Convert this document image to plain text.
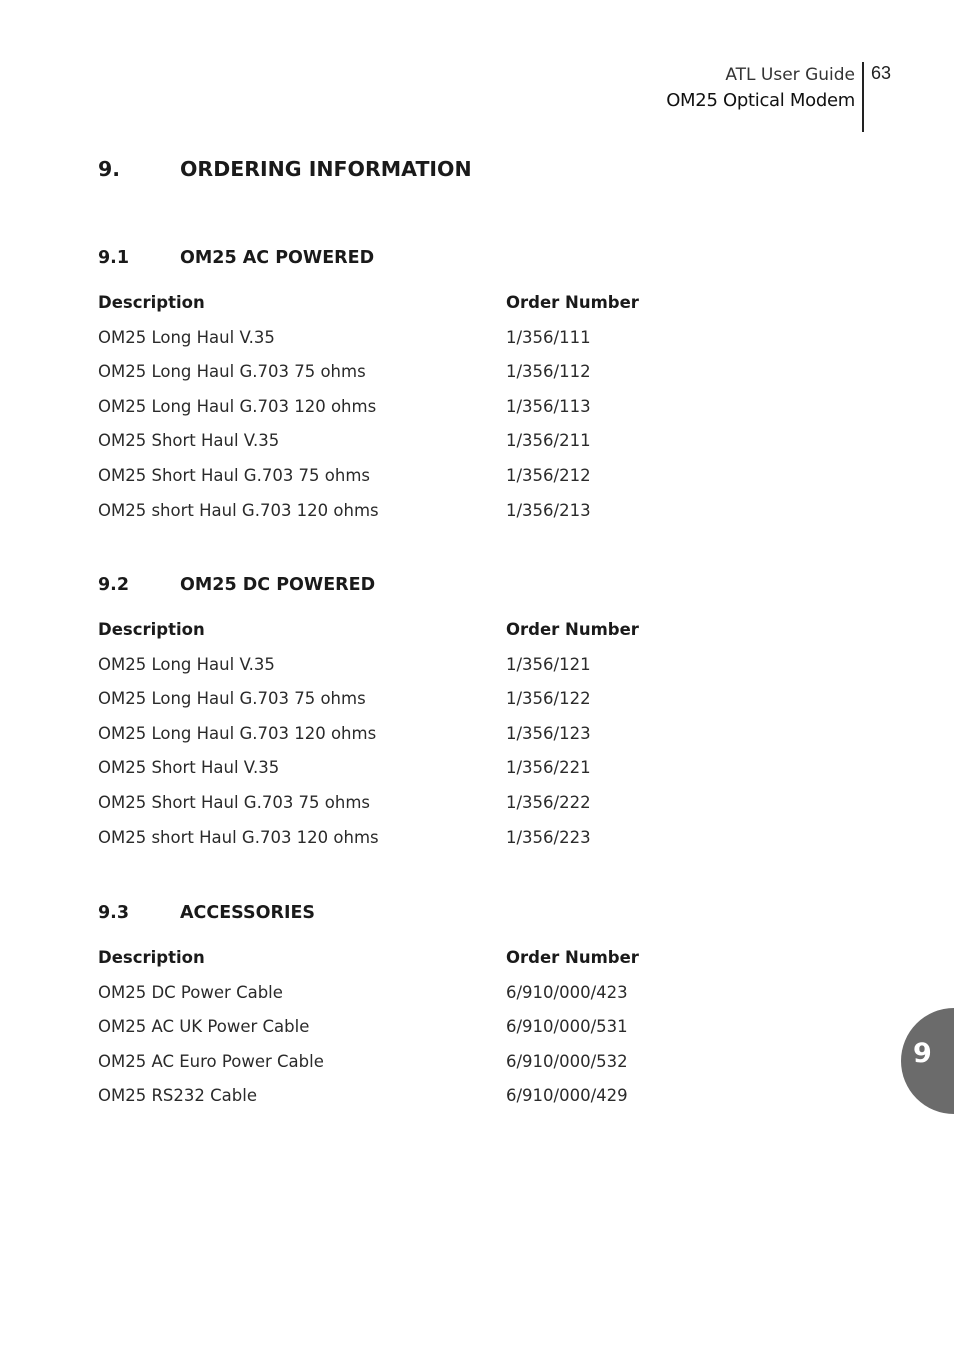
ATL User Guide
OM25 Optical Modem
63
9.	ORDERING INFORMATION
9.1	OM25 AC POWERED
Description	Order Number
OM25 Long Haul V.35	1/356/111
OM25 Long Haul G.703 75 ohms	1/356/112
OM25 Long Haul G.703 120 ohms	1/356/113
OM25 Short Haul V.35	1/356/211
OM25 Short Haul G.703 75 ohms	1/356/212
OM25 short Haul G.703 120 ohms	1/356/213
9.2	OM25 DC POWERED
Description	Order Number
OM25 Long Haul V.35	1/356/121
OM25 Long Haul G.703 75 ohms	1/356/122
OM25 Long Haul G.703 120 ohms	1/356/123
OM25 Short Haul V.35	1/356/221
OM25 Short Haul G.703 75 ohms	1/356/222
OM25 short Haul G.703 120 ohms	1/356/223
9.3	ACCESSORIES
Description	Order Number
OM25 DC Power Cable	6/910/000/423
OM25 AC UK Power Cable	6/910/000/531
OM25 AC Euro Power Cable	6/910/000/532
OM25 RS232 Cable	6/910/000/429
9
